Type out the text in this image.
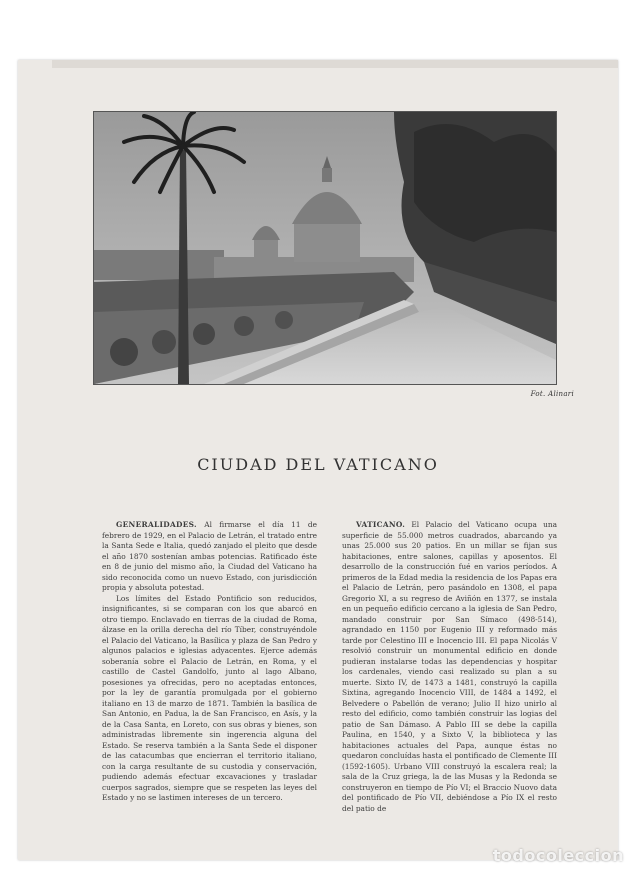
Fot. Alinari
CIUDAD DEL VATICANO

GENERALIDADES. Al firmarse el día 11 de febrero de 1929, en el Palacio de Letrán, el tratado entre la Santa Sede e Italia, quedó zanjado el pleito que desde el año 1870 sostenían ambas potencias. Ratificado éste en 8 de junio del mismo año, la Ciudad del Vaticano ha sido reconocida como un nuevo Estado, con jurisdicción propia y absoluta potestad.

Los límites del Estado Pontificio son reducidos, insignificantes, si se comparan con los que abarcó en otro tiempo. Enclavado en tierras de la ciudad de Roma, álzase en la orilla derecha del río Tíber, construyéndole el Palacio del Vaticano, la Basílica y plaza de San Pedro y algunos palacios e iglesias adyacentes. Ejerce además soberanía sobre el Palacio de Letrán, en Roma, y el castillo de Castel Gandolfo, junto al lago Albano, posesiones ya ofrecidas, pero no aceptadas entonces, por la ley de garantía promulgada por el gobierno italiano en 13 de marzo de 1871. También la basílica de San Antonio, en Padua, la de San Francisco, en Asís, y la de la Casa Santa, en Loreto, con sus obras y bienes, son administradas libremente sin ingerencia alguna del Estado. Se reserva también a la Santa Sede el disponer de las catacumbas que encierran el territorio italiano, con la carga resultante de su custodia y conservación, pudiendo además efectuar excavaciones y trasladar cuerpos sagrados, siempre que se respeten las leyes del Estado y no se lastimen intereses de un tercero.

VATICANO. El Palacio del Vaticano ocupa una superficie de 55.000 metros cuadrados, abarcando ya unas 25.000 sus 20 patios. En un millar se fijan sus habitaciones, entre salones, capillas y aposentos. El desarrollo de la construcción fué en varios períodos. A primeros de la Edad media la residencia de los Papas era el Palacio de Letrán, pero pasándolo en 1308, el papa Gregorio XI, a su regreso de Aviñón en 1377, se instala en un pequeño edificio cercano a la iglesia de San Pedro, mandado construir por San Símaco (498-514), agrandado en 1150 por Eugenio III y reformado más tarde por Celestino III e Inocencio III. El papa Nicolás V resolvió construir un monumental edificio en donde pudieran instalarse todas las dependencias y hospitar los cardenales, viendo casi realizado su plan a su muerte. Sixto IV, de 1473 a 1481, construyó la capilla Sixtina, agregando Inocencio VIII, de 1484 a 1492, el Belvedere o Pabellón de verano; Julio II hizo unirlo al resto del edificio, como también construir las logias del patio de San Dámaso. A Pablo III se debe la capilla Paulina, en 1540, y a Sixto V, la biblioteca y las habitaciones actuales del Papa, aunque éstas no quedaron concluídas hasta el pontificado de Clemente III (1592-1605). Urbano VIII construyó la escalera real; la sala de la Cruz griega, la de las Musas y la Redonda se construyeron en tiempo de Pío VI; el Braccio Nuovo data del pontificado de Pío VII, debiéndose a Pío IX el resto del patio de

todocoleccion
